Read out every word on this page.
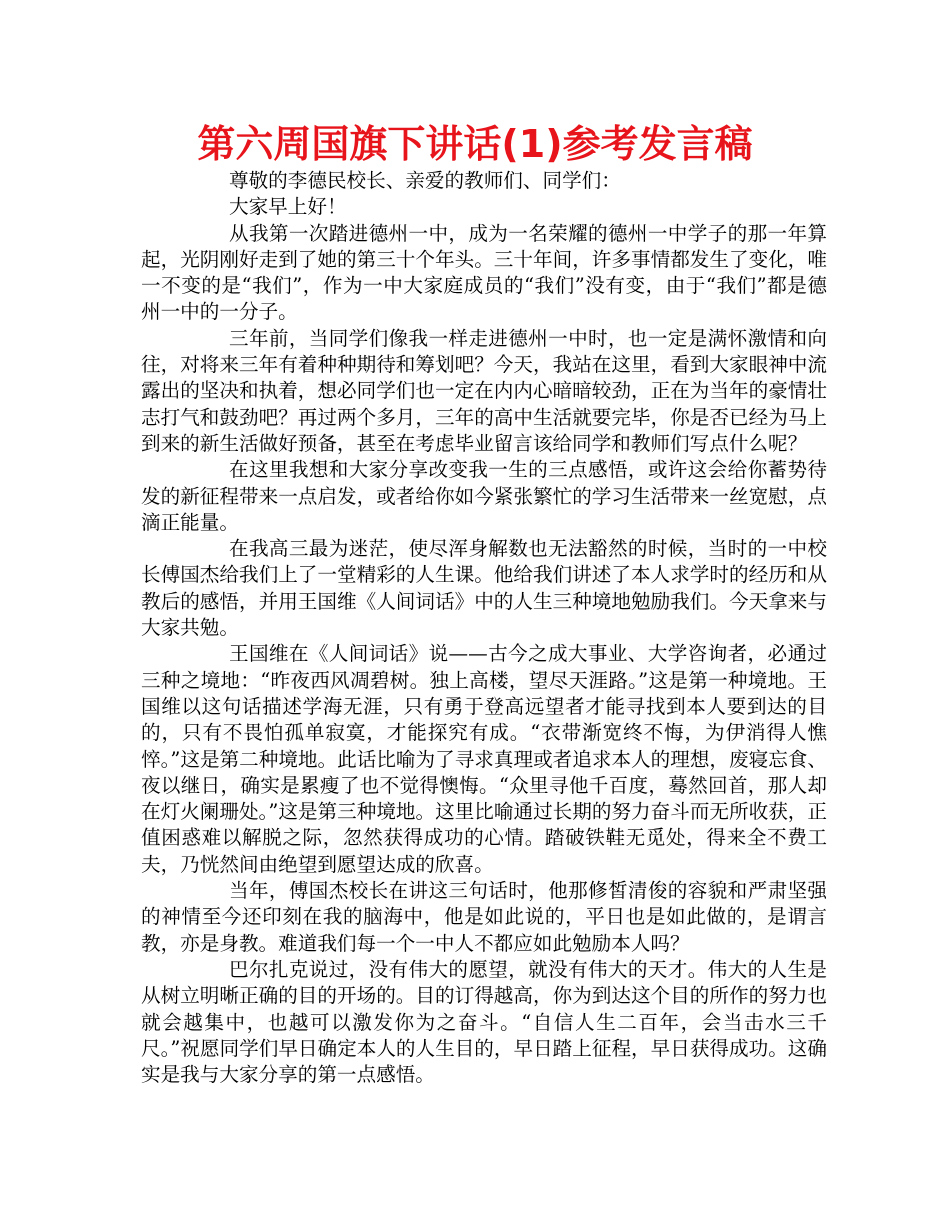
第六周国旗下讲话(1)参考发言稿

尊敬的李德民校长、亲爱的教师们、同学们：

大家早上好！

从我第一次踏进德州一中，成为一名荣耀的德州一中学子的那一年算起，光阴刚好走到了她的第三十个年头。三十年间，许多事情都发生了变化，唯一不变的是“我们”，作为一中大家庭成员的“我们”没有变，由于“我们”都是德州一中的一分子。

三年前，当同学们像我一样走进德州一中时，也一定是满怀激情和向往，对将来三年有着种种期待和筹划吧？今天，我站在这里，看到大家眼神中流露出的坚决和执着，想必同学们也一定在内内心暗暗较劲，正在为当年的豪情壮志打气和鼓劲吧？再过两个多月，三年的高中生活就要完毕，你是否已经为马上到来的新生活做好预备，甚至在考虑毕业留言该给同学和教师们写点什么呢？

在这里我想和大家分享改变我一生的三点感悟，或许这会给你蓄势待发的新征程带来一点启发，或者给你如今紧张繁忙的学习生活带来一丝宽慰，点滴正能量。

在我高三最为迷茫，使尽浑身解数也无法豁然的时候，当时的一中校长傅国杰给我们上了一堂精彩的人生课。他给我们讲述了本人求学时的经历和从教后的感悟，并用王国维《人间词话》中的人生三种境地勉励我们。今天拿来与大家共勉。

王国维在《人间词话》说——古今之成大事业、大学咨询者，必通过三种之境地：“昨夜西风凋碧树。独上高楼，望尽天涯路。”这是第一种境地。王国维以这句话描述学海无涯，只有勇于登高远望者才能寻找到本人要到达的目的，只有不畏怕孤单寂寞，才能探究有成。“衣带渐宽终不悔，为伊消得人憔悴。”这是第二种境地。此话比喻为了寻求真理或者追求本人的理想，废寝忘食、夜以继日，确实是累瘦了也不觉得懊悔。“众里寻他千百度，蓦然回首，那人却在灯火阑珊处。”这是第三种境地。这里比喻通过长期的努力奋斗而无所收获，正值困惑难以解脱之际，忽然获得成功的心情。踏破铁鞋无觅处，得来全不费工夫，乃恍然间由绝望到愿望达成的欣喜。

当年，傅国杰校长在讲这三句话时，他那修皙清俊的容貌和严肃坚强的神情至今还印刻在我的脑海中，他是如此说的，平日也是如此做的，是谓言教，亦是身教。难道我们每一个一中人不都应如此勉励本人吗？

巴尔扎克说过，没有伟大的愿望，就没有伟大的天才。伟大的人生是从树立明晰正确的目的开场的。目的订得越高，你为到达这个目的所作的努力也就会越集中，也越可以激发你为之奋斗。“自信人生二百年，会当击水三千尺。”祝愿同学们早日确定本人的人生目的，早日踏上征程，早日获得成功。这确实是我与大家分享的第一点感悟。
